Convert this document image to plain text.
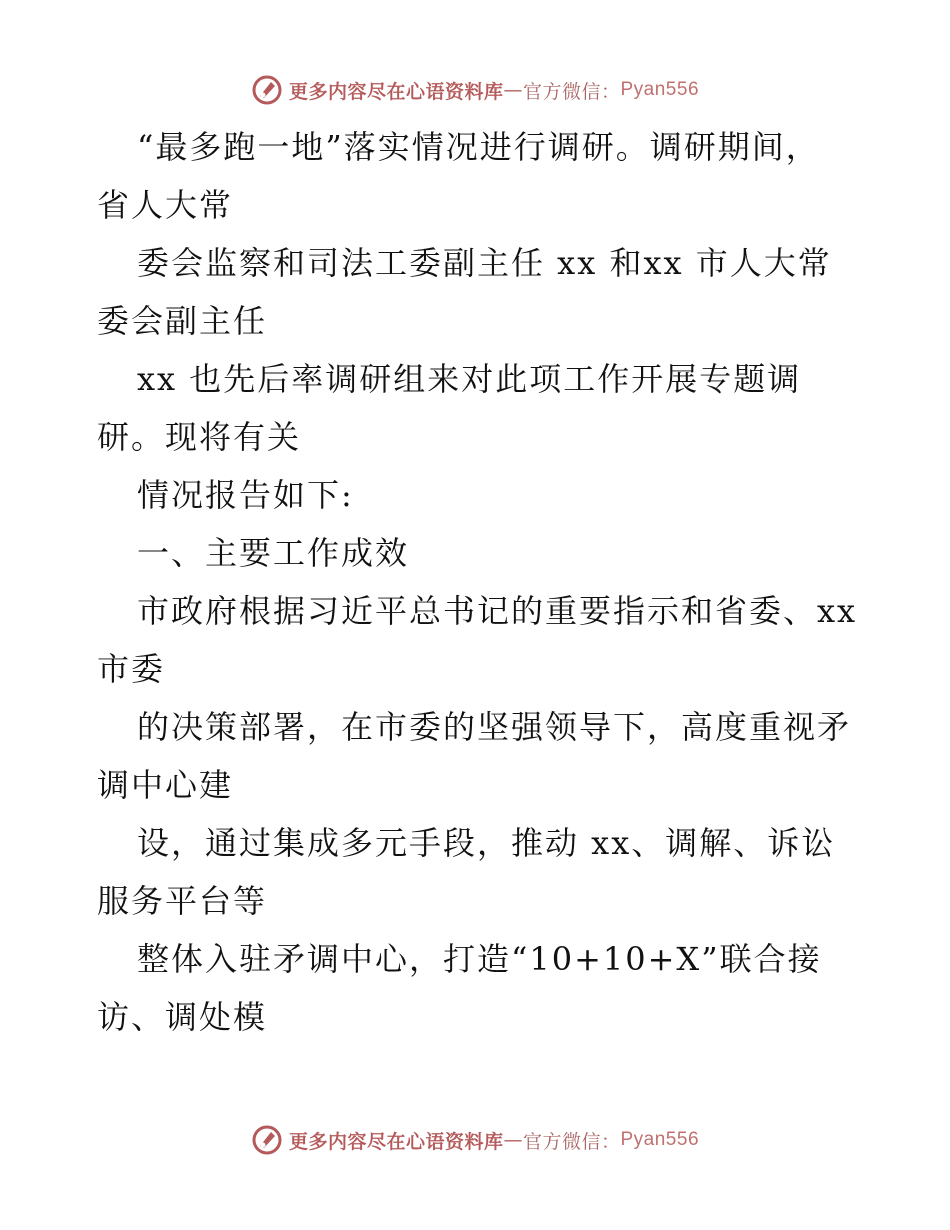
更多内容尽在心语资料库 — 官方微信： Pyan556
“最多跑一地”落实情况进行调研。调研期间，
省人大常
委会监察和司法工委副主任 xx 和xx 市人大常
委会副主任
xx 也先后率调研组来对此项工作开展专题调
研。现将有关
情况报告如下:
一、主要工作成效
市政府根据习近平总书记的重要指示和省委、xx
市委
的决策部署，在市委的坚强领导下，高度重视矛
调中心建
设，通过集成多元手段，推动 xx、调解、诉讼
服务平台等
整体入驻矛调中心，打造“10+10+X”联合接
访、调处模
更多内容尽在心语资料库 — 官方微信： Pyan556
